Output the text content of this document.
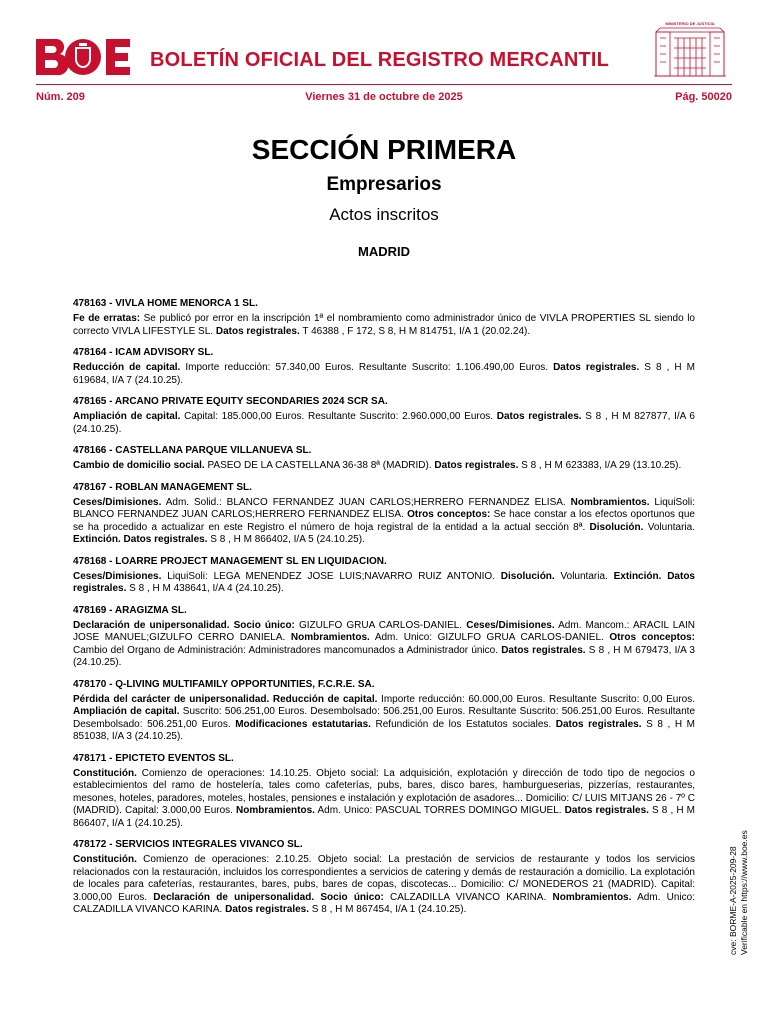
BOLETÍN OFICIAL DEL REGISTRO MERCANTIL
MINISTERIO DE JUSTICIA
Núm. 209	Viernes 31 de octubre de 2025	Pág. 50020
SECCIÓN PRIMERA
Empresarios
Actos inscritos
MADRID
478163 - VIVLA HOME MENORCA 1 SL.
Fe de erratas: Se publicó por error en la inscripción 1ª el nombramiento como administrador único de VIVLA PROPERTIES SL siendo lo correcto VIVLA LIFESTYLE SL. Datos registrales. T 46388 , F 172, S 8, H M 814751, I/A 1 (20.02.24).
478164 - ICAM ADVISORY SL.
Reducción de capital. Importe reducción: 57.340,00 Euros. Resultante Suscrito: 1.106.490,00 Euros. Datos registrales. S 8 , H M 619684, I/A 7 (24.10.25).
478165 - ARCANO PRIVATE EQUITY SECONDARIES 2024 SCR SA.
Ampliación de capital. Capital: 185.000,00 Euros. Resultante Suscrito: 2.960.000,00 Euros. Datos registrales. S 8 , H M 827877, I/A 6 (24.10.25).
478166 - CASTELLANA PARQUE VILLANUEVA SL.
Cambio de domicilio social. PASEO DE LA CASTELLANA 36-38 8ª (MADRID). Datos registrales. S 8 , H M 623383, I/A 29 (13.10.25).
478167 - ROBLAN MANAGEMENT SL.
Ceses/Dimisiones. Adm. Solid.: BLANCO FERNANDEZ JUAN CARLOS;HERRERO FERNANDEZ ELISA. Nombramientos. LiquiSoli: BLANCO FERNANDEZ JUAN CARLOS;HERRERO FERNANDEZ ELISA. Otros conceptos: Se hace constar a los efectos oportunos que se ha procedido a actualizar en este Registro el número de hoja registral de la entidad a la actual sección 8ª. Disolución. Voluntaria. Extinción. Datos registrales. S 8 , H M 866402, I/A 5 (24.10.25).
478168 - LOARRE PROJECT MANAGEMENT SL EN LIQUIDACION.
Ceses/Dimisiones. LiquiSoli: LEGA MENENDEZ JOSE LUIS;NAVARRO RUIZ ANTONIO. Disolución. Voluntaria. Extinción. Datos registrales. S 8 , H M 438641, I/A 4 (24.10.25).
478169 - ARAGIZMA SL.
Declaración de unipersonalidad. Socio único: GIZULFO GRUA CARLOS-DANIEL. Ceses/Dimisiones. Adm. Mancom.: ARACIL LAIN JOSE MANUEL;GIZULFO CERRO DANIELA. Nombramientos. Adm. Unico: GIZULFO GRUA CARLOS-DANIEL. Otros conceptos: Cambio del Organo de Administración: Administradores mancomunados a Administrador único. Datos registrales. S 8 , H M 679473, I/A 3 (24.10.25).
478170 - Q-LIVING MULTIFAMILY OPPORTUNITIES, F.C.R.E. SA.
Pérdida del carácter de unipersonalidad. Reducción de capital. Importe reducción: 60.000,00 Euros. Resultante Suscrito: 0,00 Euros. Ampliación de capital. Suscrito: 506.251,00 Euros. Desembolsado: 506.251,00 Euros. Resultante Suscrito: 506.251,00 Euros. Resultante Desembolsado: 506.251,00 Euros. Modificaciones estatutarias. Refundición de los Estatutos sociales. Datos registrales. S 8 , H M 851038, I/A 3 (24.10.25).
478171 - EPICTETO EVENTOS SL.
Constitución. Comienzo de operaciones: 14.10.25. Objeto social: La adquisición, explotación y dirección de todo tipo de negocios o establecimientos del ramo de hostelería, tales como cafeterías, pubs, bares, disco bares, hamburgueserias, pizzerías, restaurantes, mesones, hoteles, paradores, moteles, hostales, pensiones e instalación y explotación de asadores... Domicilio: C/ LUIS MITJANS 26 - 7º C (MADRID). Capital: 3.000,00 Euros. Nombramientos. Adm. Unico: PASCUAL TORRES DOMINGO MIGUEL. Datos registrales. S 8 , H M 866407, I/A 1 (24.10.25).
478172 - SERVICIOS INTEGRALES VIVANCO SL.
Constitución. Comienzo de operaciones: 2.10.25. Objeto social: La prestación de servicios de restaurante y todos los servicios relacionados con la restauración, incluidos los correspondientes a servicios de catering y demás de restauración a domicilio. La explotación de locales para cafeterías, restaurantes, bares, pubs, bares de copas, discotecas... Domicilio: C/ MONEDEROS 21 (MADRID). Capital: 3.000,00 Euros. Declaración de unipersonalidad. Socio único: CALZADILLA VIVANCO KARINA. Nombramientos. Adm. Unico: CALZADILLA VIVANCO KARINA. Datos registrales. S 8 , H M 867454, I/A 1 (24.10.25).	cve: BORME-A-2025-209-28 Verificable en https://www.boe.es
